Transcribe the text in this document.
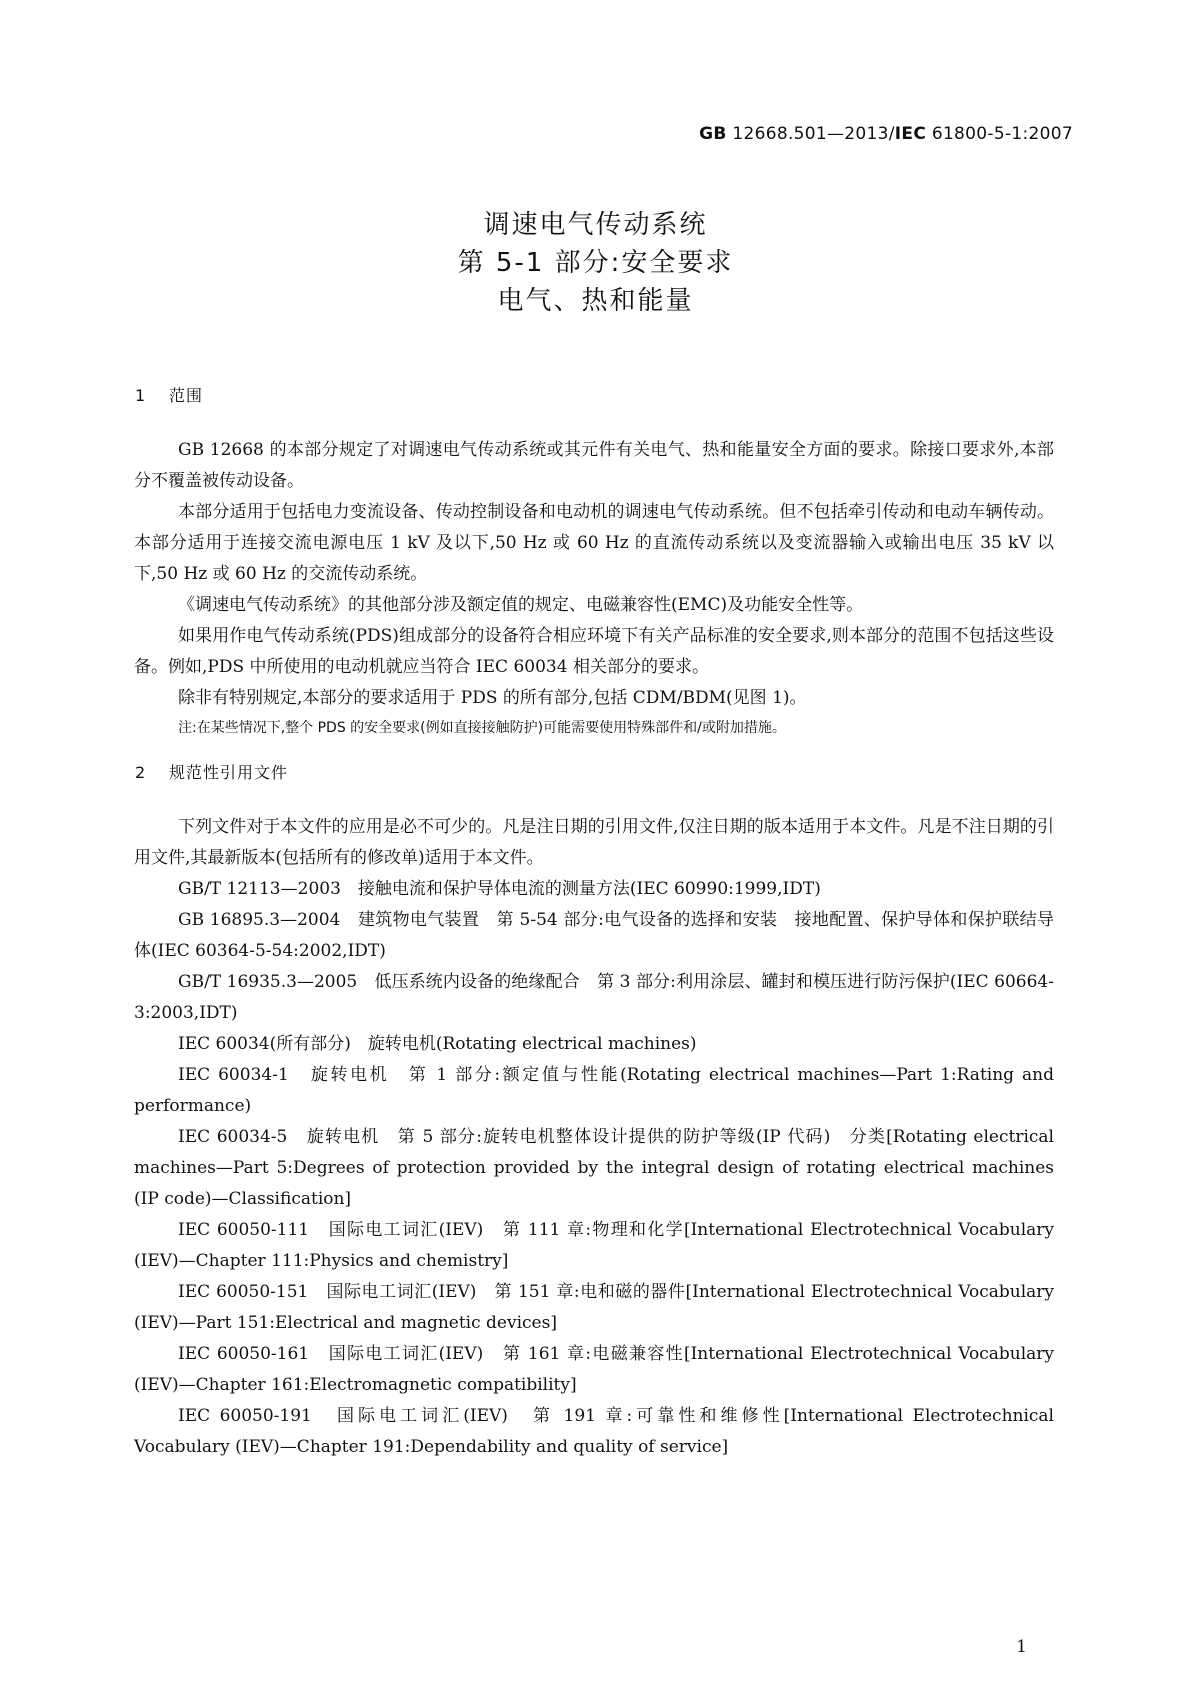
GB 12668.501—2013/IEC 61800-5-1:2007
调速电气传动系统
第 5-1 部分:安全要求
电气、热和能量
1 范围

GB 12668 的本部分规定了对调速电气传动系统或其元件有关电气、热和能量安全方面的要求。除接口要求外,本部分不覆盖被传动设备。

本部分适用于包括电力变流设备、传动控制设备和电动机的调速电气传动系统。但不包括牵引传动和电动车辆传动。本部分适用于连接交流电源电压 1 kV 及以下,50 Hz 或 60 Hz 的直流传动系统以及变流器输入或输出电压 35 kV 以下,50 Hz 或 60 Hz 的交流传动系统。

《调速电气传动系统》的其他部分涉及额定值的规定、电磁兼容性(EMC)及功能安全性等。

如果用作电气传动系统(PDS)组成部分的设备符合相应环境下有关产品标准的安全要求,则本部分的范围不包括这些设备。例如,PDS 中所使用的电动机就应当符合 IEC 60034 相关部分的要求。

除非有特别规定,本部分的要求适用于 PDS 的所有部分,包括 CDM/BDM(见图 1)。

注:在某些情况下,整个 PDS 的安全要求(例如直接接触防护)可能需要使用特殊部件和/或附加措施。

2 规范性引用文件

下列文件对于本文件的应用是必不可少的。凡是注日期的引用文件,仅注日期的版本适用于本文件。凡是不注日期的引用文件,其最新版本(包括所有的修改单)适用于本文件。

GB/T 12113—2003　接触电流和保护导体电流的测量方法(IEC 60990:1999,IDT)

GB 16895.3—2004　建筑物电气装置　第 5-54 部分:电气设备的选择和安装　接地配置、保护导体和保护联结导体(IEC 60364-5-54:2002,IDT)

GB/T 16935.3—2005　低压系统内设备的绝缘配合　第 3 部分:利用涂层、罐封和模压进行防污保护(IEC 60664-3:2003,IDT)

IEC 60034(所有部分)　旋转电机(Rotating electrical machines)

IEC 60034-1　旋转电机　第 1 部分:额定值与性能(Rotating electrical machines—Part 1:Rating and performance)

IEC 60034-5　旋转电机　第 5 部分:旋转电机整体设计提供的防护等级(IP 代码)　分类[Rotating electrical machines—Part 5:Degrees of protection provided by the integral design of rotating electrical machines (IP code)—Classification]

IEC 60050-111　国际电工词汇(IEV)　第 111 章:物理和化学[International Electrotechnical Vocabulary (IEV)—Chapter 111:Physics and chemistry]

IEC 60050-151　国际电工词汇(IEV)　第 151 章:电和磁的器件[International Electrotechnical Vocabulary (IEV)—Part 151:Electrical and magnetic devices]

IEC 60050-161　国际电工词汇(IEV)　第 161 章:电磁兼容性[International Electrotechnical Vocabulary (IEV)—Chapter 161:Electromagnetic compatibility]

IEC 60050-191　国际电工词汇(IEV)　第 191 章:可靠性和维修性[International Electrotechnical Vocabulary (IEV)—Chapter 191:Dependability and quality of service]

1
